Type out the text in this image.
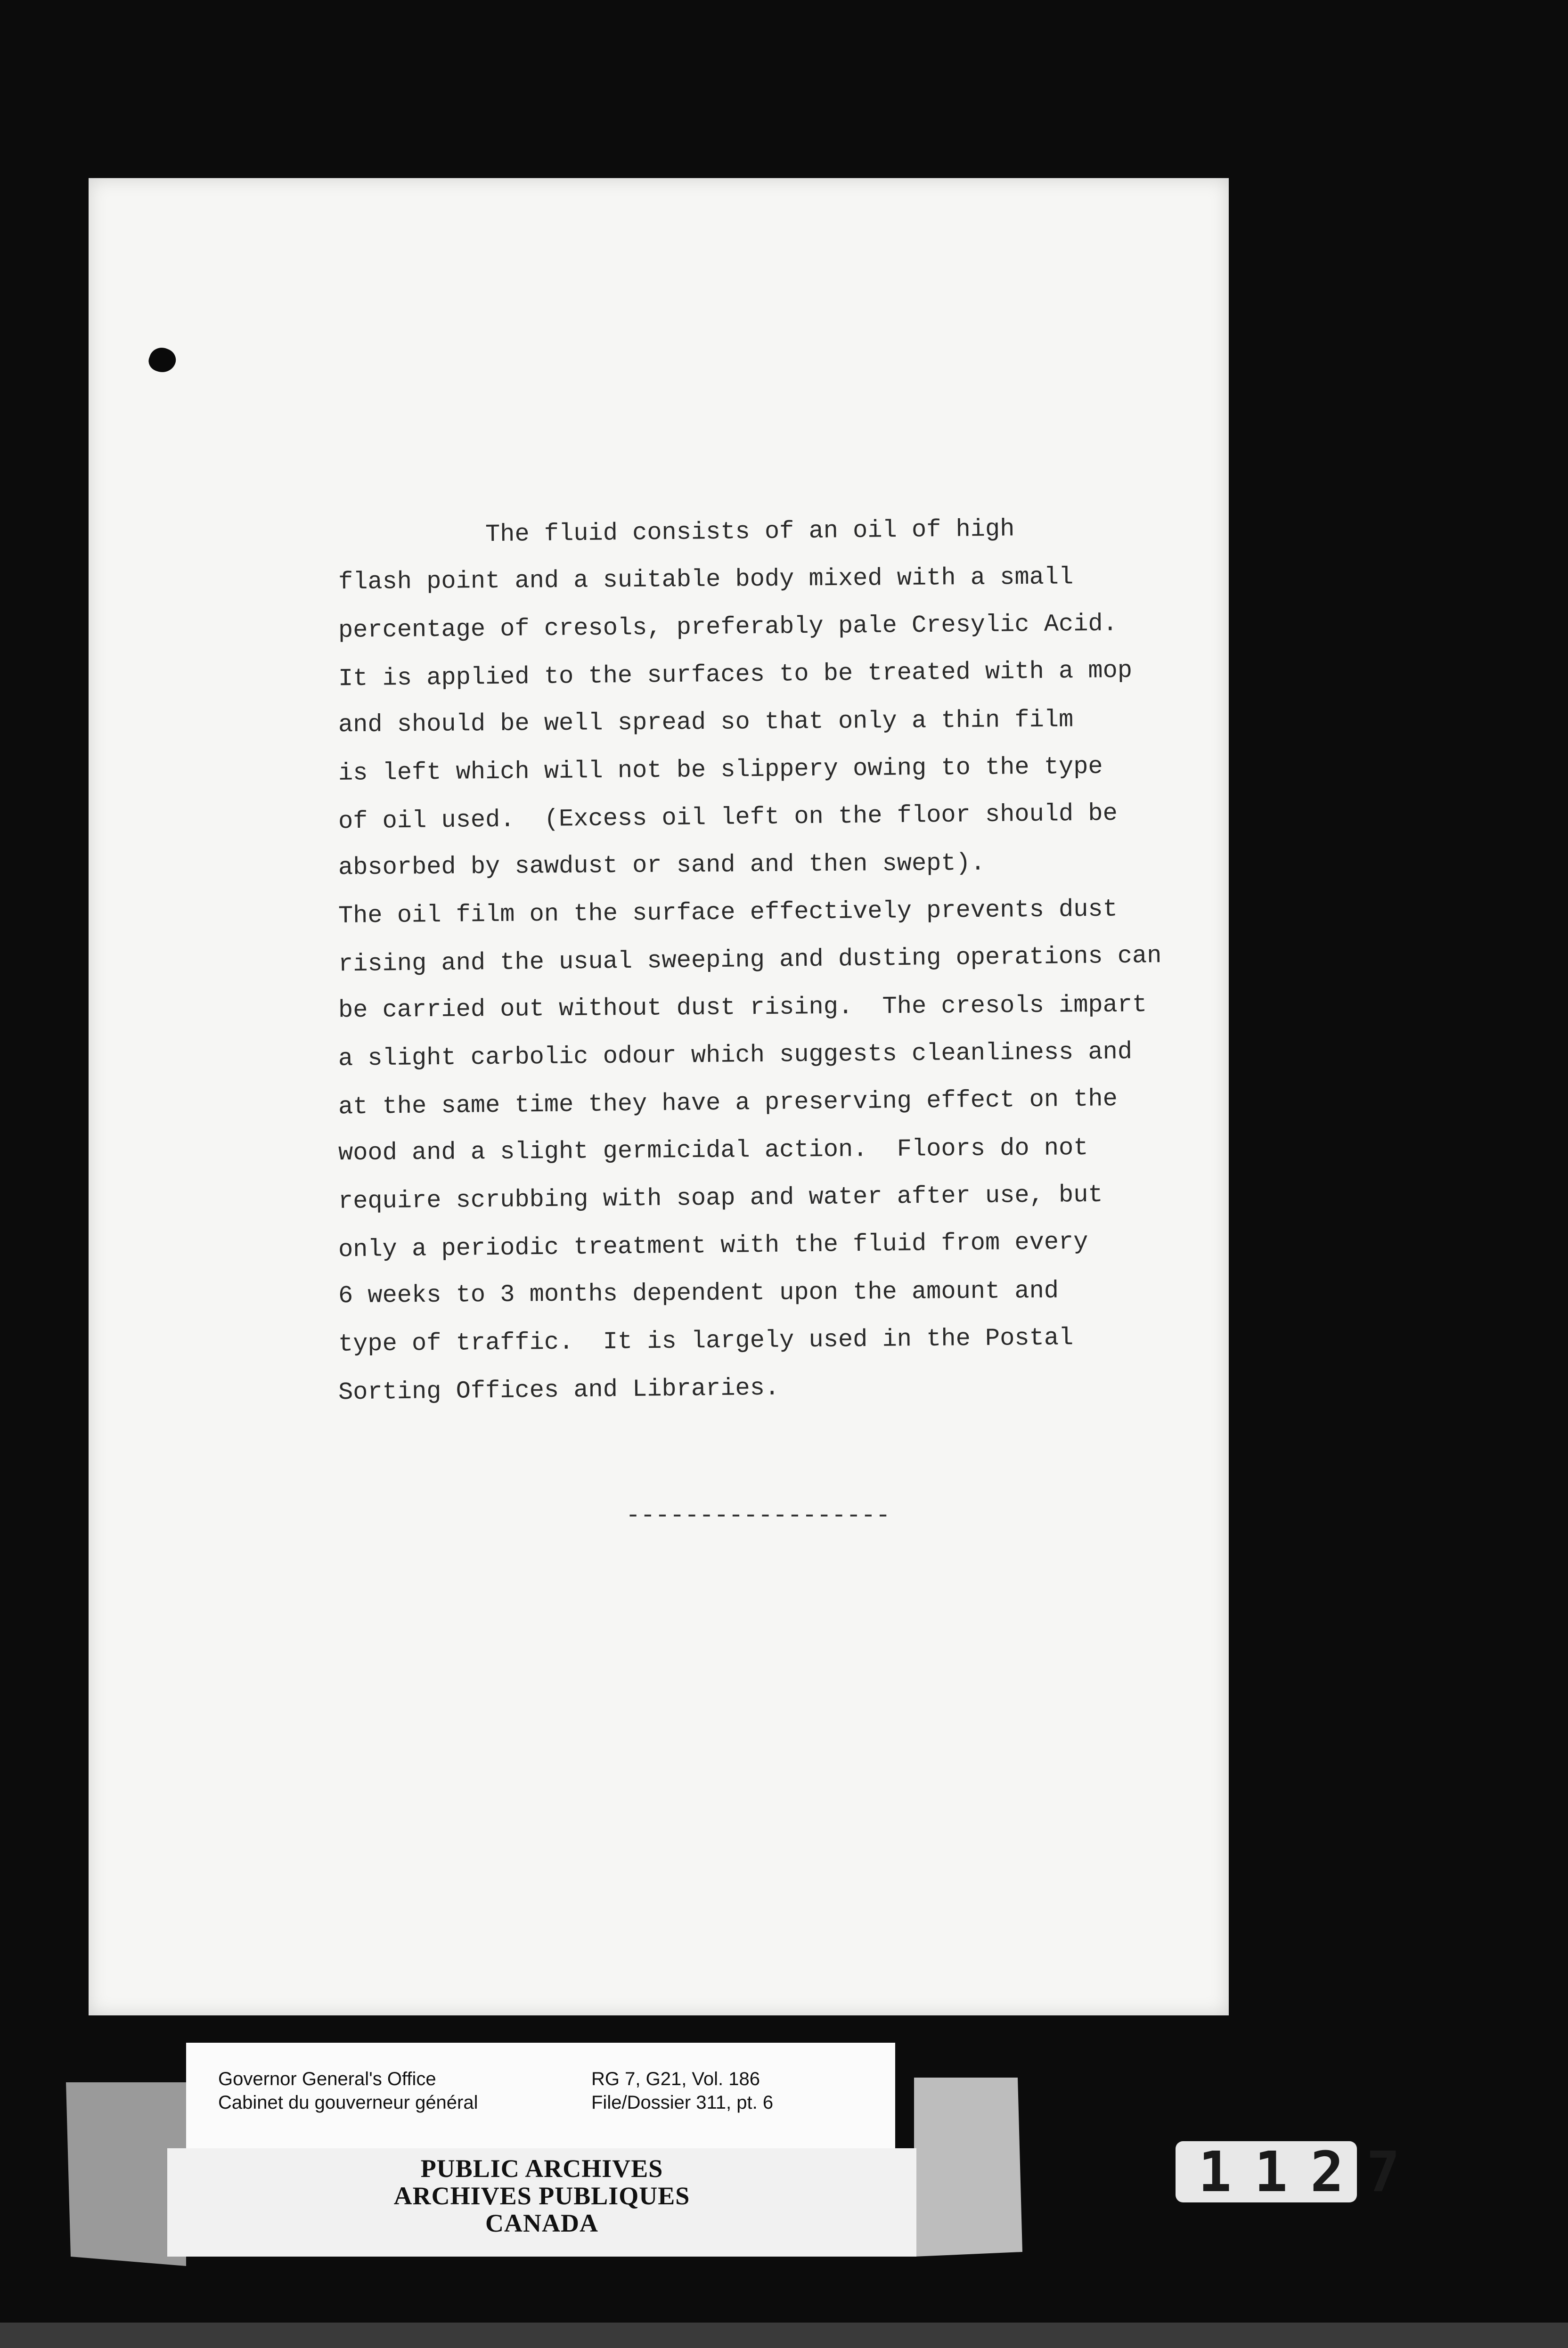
The fluid consists of an oil of high
flash point and a suitable body mixed with a small
percentage of cresols, preferably pale Cresylic Acid.
It is applied to the surfaces to be treated with a mop
and should be well spread so that only a thin film
is left which will not be slippery owing to the type
of oil used.  (Excess oil left on the floor should be
absorbed by sawdust or sand and then swept).
The oil film on the surface effectively prevents dust
rising and the usual sweeping and dusting operations can
be carried out without dust rising.  The cresols impart
a slight carbolic odour which suggests cleanliness and
at the same time they have a preserving effect on the
wood and a slight germicidal action.  Floors do not
require scrubbing with soap and water after use, but
only a periodic treatment with the fluid from every
6 weeks to 3 months dependent upon the amount and
type of traffic.  It is largely used in the Postal
Sorting Offices and Libraries.
------------------
Governor General's Office
Cabinet du gouverneur général
RG 7, G21, Vol. 186
File/Dossier 311, pt. 6
PUBLIC ARCHIVES
ARCHIVES PUBLIQUES
CANADA
1127
